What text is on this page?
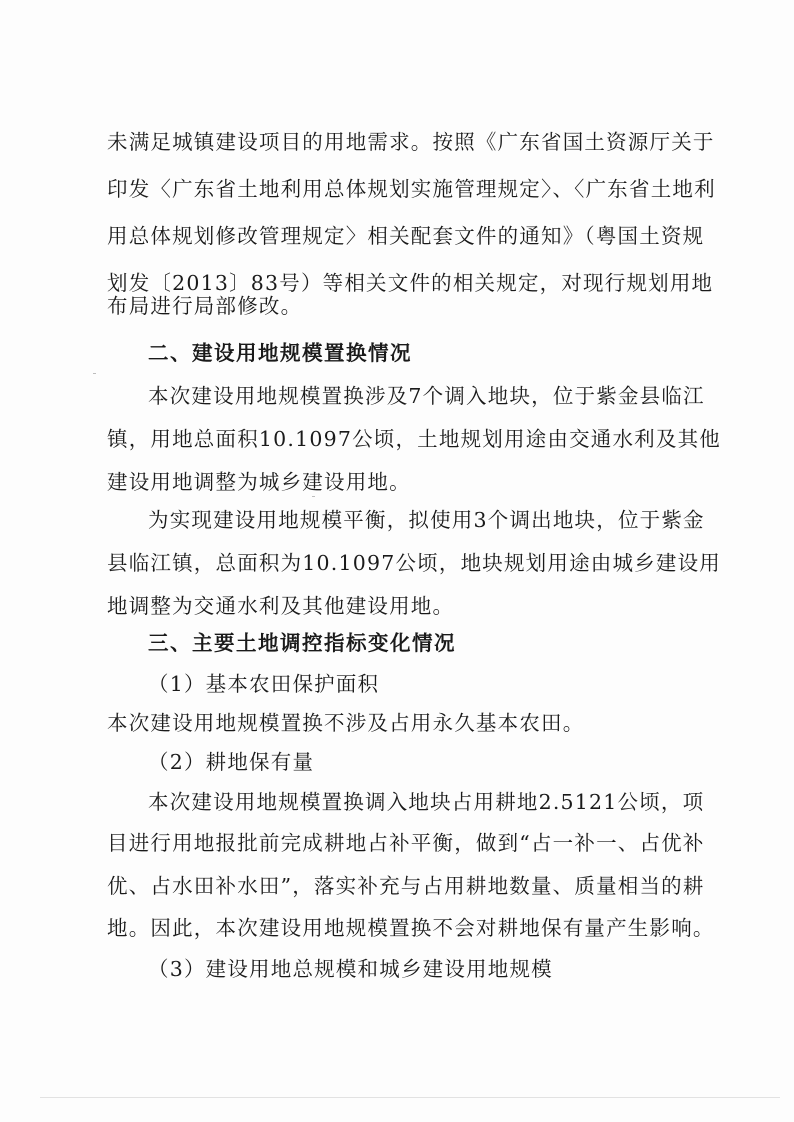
未满足城镇建设项目的用地需求。按照《广东省国土资源厅关于
印发〈广东省土地利用总体规划实施管理规定〉、〈广东省土地利
用总体规划修改管理规定〉相关配套文件的通知》（粤国土资规
划发〔2013〕83号）等相关文件的相关规定，对现行规划用地
布局进行局部修改。
二、建设用地规模置换情况
本次建设用地规模置换涉及7个调入地块，位于紫金县临江
镇，用地总面积10.1097公顷，土地规划用途由交通水利及其他
建设用地调整为城乡建设用地。
为实现建设用地规模平衡，拟使用3个调出地块，位于紫金
县临江镇，总面积为10.1097公顷，地块规划用途由城乡建设用
地调整为交通水利及其他建设用地。
三、主要土地调控指标变化情况
（1）基本农田保护面积
本次建设用地规模置换不涉及占用永久基本农田。
（2）耕地保有量
本次建设用地规模置换调入地块占用耕地2.5121公顷，项
目进行用地报批前完成耕地占补平衡，做到“占一补一、占优补
优、占水田补水田”，落实补充与占用耕地数量、质量相当的耕
地。因此，本次建设用地规模置换不会对耕地保有量产生影响。
（3）建设用地总规模和城乡建设用地规模
